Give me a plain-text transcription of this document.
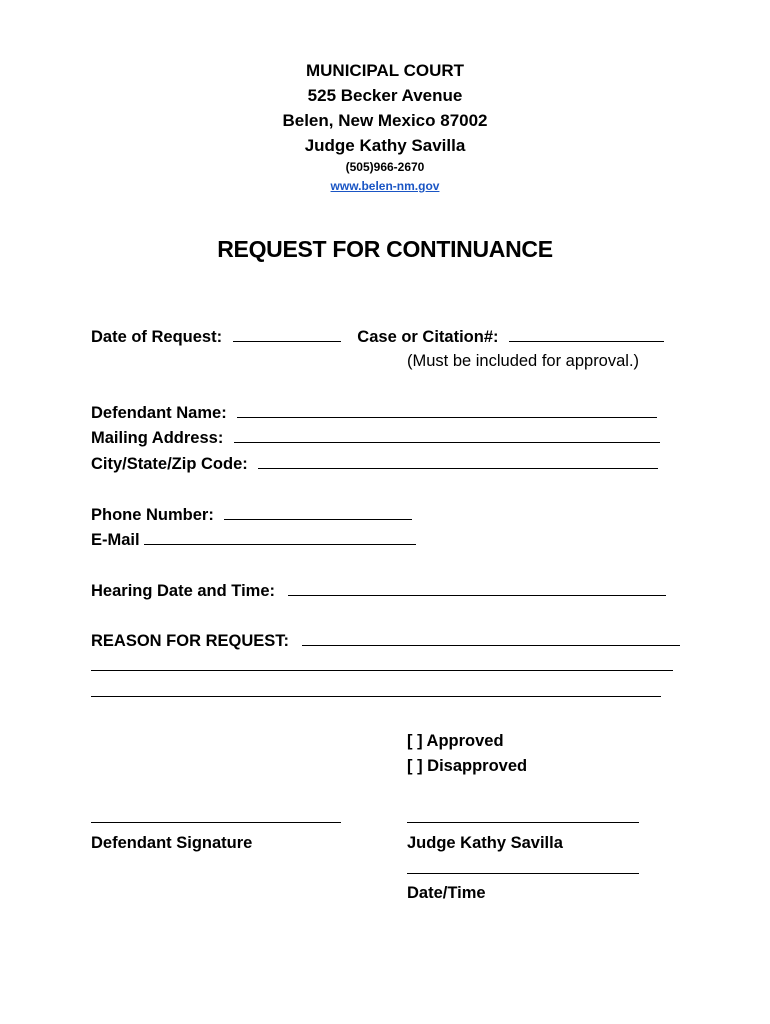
MUNICIPAL COURT
525 Becker Avenue
Belen, New Mexico 87002
Judge Kathy Savilla
(505)966-2670
www.belen-nm.gov
REQUEST FOR CONTINUANCE
Date of Request:	Case or Citation#:
(Must be included for approval.)
Defendant Name:
Mailing Address:
City/State/Zip Code:
Phone Number:
E-Mail
Hearing Date and Time:
REASON FOR REQUEST:
[ ] Approved
[ ] Disapproved
Defendant Signature	Judge Kathy Savilla
Date/Time
